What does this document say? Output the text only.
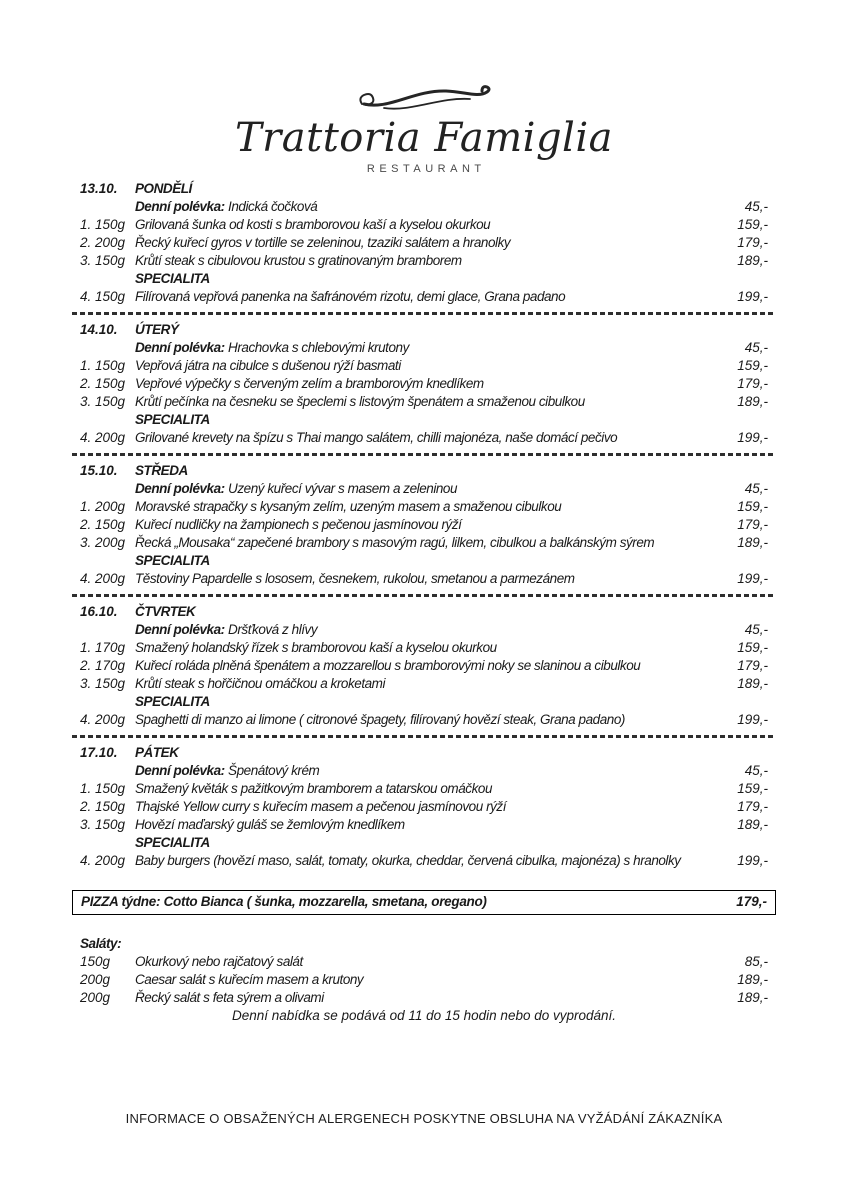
Trattoria Famiglia
RESTAURANT
13.10.	PONDĚLÍ
Denní polévka: Indická čočková	45,-
1. 150g Grilovaná šunka od kosti s bramborovou kaší a kyselou okurkou	159,-
2. 200g Řecký kuřecí gyros v tortille se zeleninou, tzaziki salátem a hranolky	179,-
3. 150g Krůtí steak s cibulovou krustou s gratinovaným bramborem	189,-
SPECIALITA
4. 150g Filírovaná vepřová panenka na šafránovém rizotu, demi glace, Grana padano	199,-
14.10.	ÚTERÝ
Denní polévka: Hrachovka s chlebovými krutony	45,-
1. 150g Vepřová játra na cibulce s dušenou rýží basmati	159,-
2. 150g Vepřové výpečky s červeným zelím a bramborovým knedlíkem	179,-
3. 150g Krůtí pečínka na česneku se špeclemi s listovým špenátem a smaženou cibulkou	189,-
SPECIALITA
4. 200g Grilované krevety na špízu s Thai mango salátem, chilli majonéza, naše domácí pečivo	199,-
15.10.	STŘEDA
Denní polévka: Uzený kuřecí vývar s masem a zeleninou	45,-
1. 200g Moravské strapačky s kysaným zelím, uzeným masem a smaženou cibulkou	159,-
2. 150g Kuřecí nudličky na žampionech s pečenou jasmínovou rýží	179,-
3. 200g Řecká „Mousaka“ zapečené brambory s masovým ragú, lilkem, cibulkou a balkánským sýrem	189,-
SPECIALITA
4. 200g Těstoviny Papardelle s lososem, česnekem, rukolou, smetanou a parmezánem	199,-
16.10.	ČTVRTEK
Denní polévka: Dršťková z hlívy	45,-
1. 170g Smažený holandský řízek s bramborovou kaší a kyselou okurkou	159,-
2. 170g Kuřecí roláda plněná špenátem a mozzarellou s bramborovými noky se slaninou a cibulkou	179,-
3. 150g Krůtí steak s hořčičnou omáčkou a kroketami	189,-
SPECIALITA
4. 200g Spaghetti di manzo ai limone ( citronové špagety, filírovaný hovězí steak, Grana padano)	199,-
17.10.	PÁTEK
Denní polévka: Špenátový krém	45,-
1. 150g Smažený květák s pažitkovým bramborem a tatarskou omáčkou	159,-
2. 150g Thajské Yellow curry s kuřecím masem a pečenou jasmínovou rýží	179,-
3. 150g Hovězí maďarský guláš se žemlovým knedlíkem	189,-
SPECIALITA
4. 200g Baby burgers (hovězí maso, salát, tomaty, okurka, cheddar, červená cibulka, majonéza) s hranolky	199,-
PIZZA týdne: Cotto Bianca ( šunka, mozzarella, smetana, oregano)	179,-
Saláty:
150g	Okurkový nebo rajčatový salát	85,-
200g	Caesar salát s kuřecím masem a krutony	189,-
200g	Řecký salát s feta sýrem a olivami	189,-
Denní nabídka se podává od 11 do 15 hodin nebo do vyprodání.
INFORMACE O OBSAŽENÝCH ALERGENECH POSKYTNE OBSLUHA NA VYŽÁDÁNÍ ZÁKAZNÍKA
